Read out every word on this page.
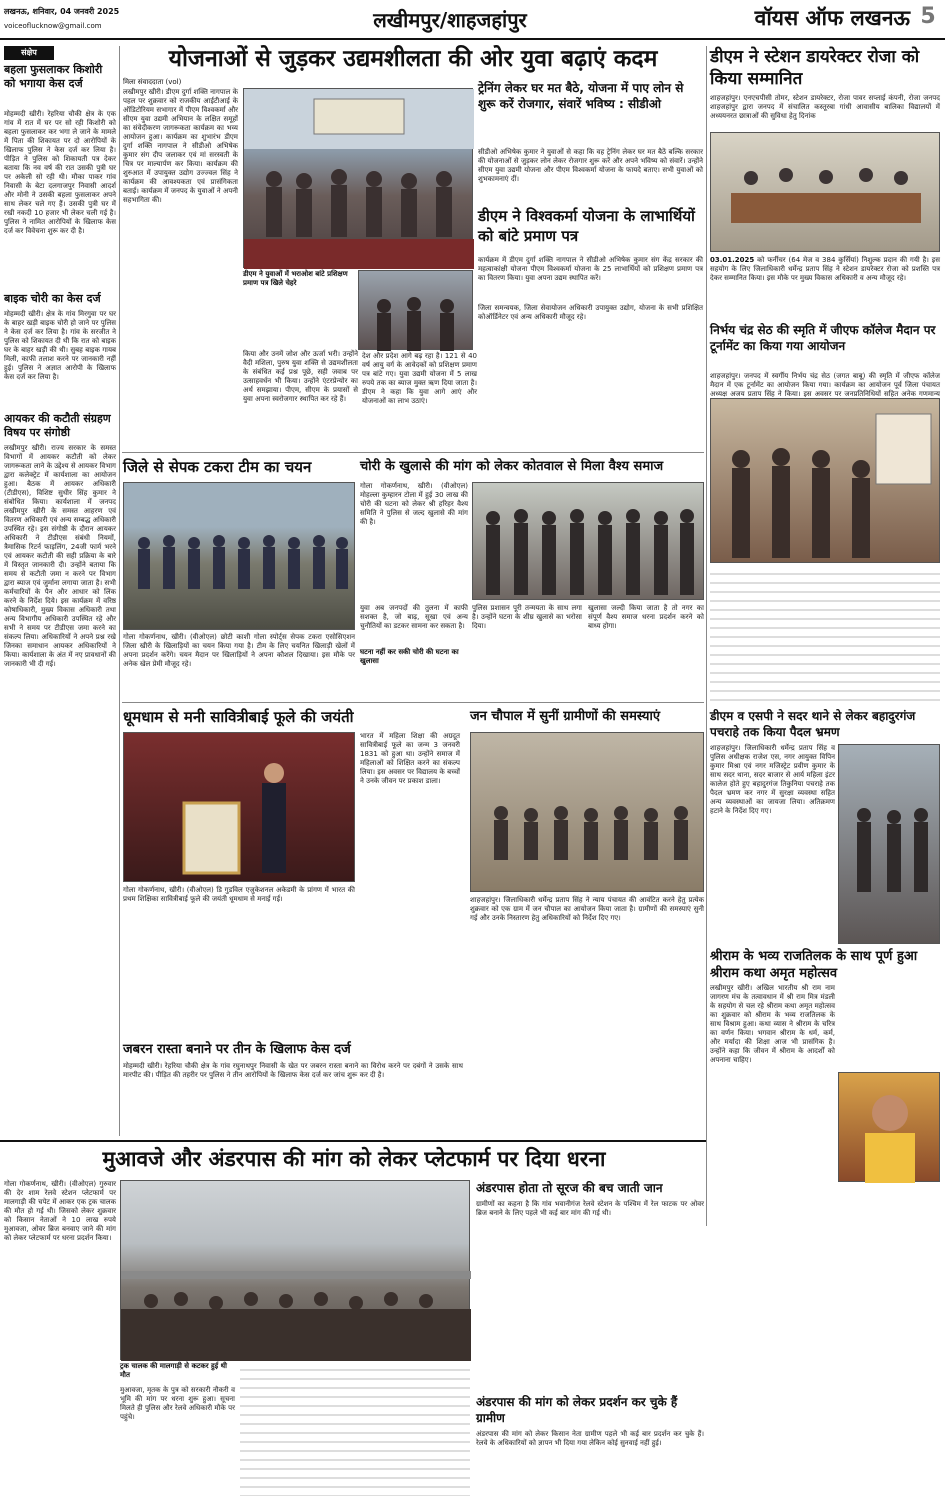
लखनऊ, शनिवार, 04 जनवरी 2025
voiceoflucknow@gmail.com	लखीमपुर/शाहजहांपुर	वॉयस ऑफ लखनऊ 5
संक्षेप
बहला फुसलाकर किशोरी को भगाया केस दर्ज
मोहम्मदी खीरी। रेहरिया चौकी क्षेत्र के एक गांव में रात में घर पर सो रही किशोरी को बहला फुसलाकर कर भगा ले जाने के मामले में पिता की शिकायत पर दो आरोपियों के खिलाफ पुलिस ने केस दर्ज कर लिया है। पीड़ित ने पुलिस को शिकायती पत्र देकर बताया कि नव वर्ष की रात उसकी पुत्री घर पर अकेली सो रही थी। मौका पाकर गांव निवासी के बेटा दलगाजपुर निवासी आदर्श और मोनी ने उसकी बहला फुसलाकर अपने साथ लेकर चले गए हैं। उसकी पुत्री घर में रखी नकदी 10 हजार भी लेकर चली गई है। पुलिस ने नामित आरोपियों के खिलाफ केस दर्ज कर विवेचना शुरू कर दी है।
बाइक चोरी का केस दर्ज
मोहम्मदी खीरी। क्षेत्र के गांव मिरगुवा पर घर के बाहर खड़ी बाइक चोरी हो जाने पर पुलिस ने केस दर्ज कर लिया है। गांव के सरजीत ने पुलिस को शिकायत दी थी कि रात को बाइक घर के बाहर खड़ी की थी। सुबह बाइक गायब मिली, काफी तलाश करने पर जानकारी नहीं हुई। पुलिस ने अज्ञात आरोपी के खिलाफ केस दर्ज कर लिया है।
आयकर की कटौती संग्रहण विषय पर संगोष्ठी
लखीमपुर खीरी। राज्य सरकार के समस्त विभागों में आयकर कटौती को लेकर जागरूकता लाने के उद्देश्य से आयकर विभाग द्वारा कलेक्ट्रेट में कार्यशाला का आयोजन हुआ। बैठक में आयकर अधिकारी (टीडीएस), विशिष्ट सुधीर सिंह कुमार ने संबोधित किया। कार्यशाला में जनपद लखीमपुर खीरी के समस्त आहरण एवं वितरण अधिकारी एवं अन्य सम्बद्ध अधिकारी उपस्थित रहे। इस संगोष्ठी के दौरान आयकर अधिकारी ने टीडीएस संबंधी नियमों, त्रैमासिक रिटर्न फाइलिंग, 24जी फार्म भरने एवं आयकर कटौती की सही प्रक्रिया के बारे में विस्तृत जानकारी दी। उन्होंने बताया कि समय से कटौती जमा न करने पर विभाग द्वारा ब्याज एवं जुर्माना लगाया जाता है। सभी कर्मचारियों के पैन और आधार को लिंक करने के निर्देश दिये। इस कार्यक्रम में वरिष्ठ कोषाधिकारी, मुख्य विकास अधिकारी तथा अन्य विभागीय अधिकारी उपस्थित रहे और सभी ने समय पर टीडीएस जमा करने का संकल्प लिया। अधिकारियों ने अपने प्रश्न रखे जिनका समाधान आयकर अधिकारियों ने किया। कार्यशाला के अंत में नए प्रावधानों की जानकारी भी दी गई।
योजनाओं से जुड़कर उद्यमशीलता की ओर युवा बढ़ाएं कदम
मिला संवाददाता (vol)
लखीमपुर खीरी। डीएम दुर्गा शक्ति नागपाल के पहल पर शुक्रवार को राजकीय आईटीआई के ऑडिटोरियम सभागार में पीएम विश्वकर्मा और सीएम युवा उद्यमी अभियान के लक्षित समूहों का संवेदीकरण जागरूकता कार्यक्रम का भव्य आयोजन हुआ। कार्यक्रम का शुभारंभ डीएम दुर्गा शक्ति नागपाल ने सीडीओ अभिषेक कुमार संग दीप जलाकर एवं मां सरस्वती के चित्र पर माल्यार्पण कर किया। कार्यक्रम की शुरुआत में उपायुक्त उद्योग उज्ज्वल सिंह ने कार्यक्रम की आवश्यकता एवं प्रासंगिकता बताई। कार्यक्रम में जनपद के युवाओं ने अपनी सहभागिता की।
डीएम ने युवाओं में भराओश बांटे प्रशिक्षण प्रमाण पत्र खिले चेहरे
किया और उनमें जोश और ऊर्जा भरी। उन्होंने वैदी मशिला, पुरुष युवा शक्ति से उद्यमशीलता के संबंधित कई प्रश्न पूछे, सही जवाब पर उत्साहवर्धन भी किया। उन्होंने एंटरप्रेन्योर का अर्थ समझाया। पीएम, सीएम के प्रयासों से युवा अपना स्वरोजगार स्थापित कर रहे हैं।
देश और प्रदेश आगे बढ़ रहा है। 121 से 40 वर्ष आयु वर्ग के आवेदकों को प्रशिक्षण प्रमाण पत्र बांटे गए। युवा उद्यमी योजना में 5 लाख रुपये तक का ब्याज मुक्त ऋण दिया जाता है। डीएम ने कहा कि युवा आगे आएं और योजनाओं का लाभ उठाएं।
ट्रेनिंग लेकर घर मत बैठे, योजना में पाए लोन से शुरू करें रोजगार, संवारें भविष्य : सीडीओ
सीडीओ अभिषेक कुमार ने युवाओं से कहा कि वह ट्रेनिंग लेकर घर मत बैठें बल्कि सरकार की योजनाओं से जुड़कर लोन लेकर रोजगार शुरू करें और अपने भविष्य को संवारें। उन्होंने सीएम युवा उद्यमी योजना और पीएम विश्वकर्मा योजना के फायदे बताए। सभी युवाओं को शुभकामनाएं दीं।
डीएम ने विश्वकर्मा योजना के लाभार्थियों को बांटे प्रमाण पत्र
कार्यक्रम में डीएम दुर्गा शक्ति नागपाल ने सीडीओ अभिषेक कुमार संग केंद्र सरकार की महत्वाकांक्षी योजना पीएम विश्वकर्मा योजना के 25 लाभार्थियों को प्रशिक्षण प्रमाण पत्र का वितरण किया। युवा अपना उद्यम स्थापित करें।
जिला समन्वयक, जिला सेवायोजन अधिकारी उपायुक्त उद्योग, योजना के सभी प्रशिक्षित कोऑर्डिनेटर एवं अन्य अधिकारी मौजूद रहे।
डीएम ने स्टेशन डायरेक्टर रोजा को किया सम्मानित
शाहजहांपुर। एनएचपीसी तोमर, स्टेशन डायरेक्टर, रोजा पावर सप्लाई कंपनी, रोजा जनपद शाहजहांपुर द्वारा जनपद में संचालित कस्तूरबा गांधी आवासीय बालिका विद्यालयों में अध्ययनरत छात्राओं की सुविधा हेतु दिनांक
03.01.2025 को फर्नीचर (64 मेज व 384 कुर्सियां) निशुल्क प्रदान की गयी है। इस सहयोग के लिए जिलाधिकारी धर्मेन्द्र प्रताप सिंह ने स्टेशन डायरेक्टर रोजा को प्रशस्ति पत्र देकर सम्मानित किया। इस मौके पर मुख्य विकास अधिकारी व अन्य मौजूद रहे।
निर्भय चंद्र सेठ की स्मृति में जीएफ कॉलेज मैदान पर टूर्नामेंट का किया गया आयोजन
शाहजहांपुर। जनपद में स्वर्गीय निर्भय चंद्र सेठ (जगत बाबू) की स्मृति में जीएफ कॉलेज मैदान में एक टूर्नामेंट का आयोजन किया गया। कार्यक्रम का आयोजन पूर्व जिला पंचायत अध्यक्ष अजय प्रताप सिंह ने किया। इस अवसर पर जनप्रतिनिधियों सहित अनेक गणमान्य
डीएम व एसपी ने सदर थाने से लेकर बहादुरगंज पचराहे तक किया पैदल भ्रमण
शाहजहांपुर। जिलाधिकारी धर्मेन्द्र प्रताप सिंह व पुलिस अधीक्षक राजेश एस, नगर आयुक्त विपिन कुमार मिश्रा एवं नगर मजिस्ट्रेट प्रवीण कुमार के साथ सदर थाना, सदर बाजार से आर्य महिला इंटर कालेज होते हुए बहादुरगंज तिकुनिया पचराहे तक पैदल भ्रमण कर नगर में सुरक्षा व्यवस्था सहित अन्य व्यवस्थाओं का जायजा लिया। अतिक्रमण हटाने के निर्देश दिए गए।
श्रीराम के भव्य राजतिलक के साथ पूर्ण हुआ श्रीराम कथा अमृत महोत्सव
लखीमपुर खीरी। अखिल भारतीय श्री राम नाम जागरण मंच के तत्वावधान में श्री राम मित्र मंडली के सहयोग से चल रहे श्रीराम कथा अमृत महोत्सव का शुक्रवार को श्रीराम के भव्य राजतिलक के साथ विश्राम हुआ। कथा व्यास ने श्रीराम के चरित्र का वर्णन किया। भगवान श्रीराम के धर्म, कर्म, और मर्यादा की शिक्षा आज भी प्रासंगिक है। उन्होंने कहा कि जीवन में श्रीराम के आदर्शों को अपनाना चाहिए।
जिले से सेपक टकरा टीम का चयन
गोला गोकर्णनाथ, खीरी। (वीओएल) छोटी काशी गोला स्पोर्ट्स सेपक टकरा एसोसिएशन जिला खीरी के खिलाड़ियों का चयन किया गया है। टीम के लिए चयनित खिलाड़ी खेलों में अपना प्रदर्शन करेंगे। चयन मैदान पर खिलाड़ियों ने अपना कौशल दिखाया। इस मौके पर अनेक खेल प्रेमी मौजूद रहे।
चोरी के खुलासे की मांग को लेकर कोतवाल से मिला वैश्य समाज
गोला गोकर्णनाथ, खीरी। (वीओएल) मोहल्ला कुम्हारन टोला में हुई 30 लाख की चोरी की घटना को लेकर श्री हरिहर वैश्य समिति ने पुलिस से जल्द खुलासे की मांग की है।
युवा अब जनपदों की तुलना में काफी सशक्त है, जो बाढ़, सूखा एवं अन्य चुनौतियों का डटकर सामना कर सकता है।
घटना नहीं कर सकी चोरी की घटना का खुलासा
पुलिस प्रशासन पूरी तन्मयता के साथ लगा है। उन्होंने घटना के शीघ्र खुलासे का भरोसा दिया।
खुलासा जल्दी किया जाता है तो नगर का संपूर्ण वैश्य समाज धरना प्रदर्शन करने को बाध्य होगा।
धूमधाम से मनी सावित्रीबाई फूले की जयंती
गोला गोकर्णनाथ, खीरी। (वीओएल) डि गुडविल एजुकेशनल अकेडमी के प्रांगण में भारत की प्रथम शिक्षिका सावित्रीबाई फूले की जयंती धूमधाम से मनाई गई।
भारत में महिला शिक्षा की अग्रदूत सावित्रीबाई फूले का जन्म 3 जनवरी 1831 को हुआ था। उन्होंने समाज में महिलाओं को शिक्षित करने का संकल्प लिया। इस अवसर पर विद्यालय के बच्चों ने उनके जीवन पर प्रकाश डाला।
जन चौपाल में सुनीं ग्रामीणों की समस्याएं
शाहजहांपुर। जिलाधिकारी धर्मेन्द्र प्रताप सिंह ने न्याय पंचायत की आवंटित करने हेतु प्रत्येक शुक्रवार को एक ग्राम में जन चौपाल का आयोजन किया जाता है। ग्रामीणों की समस्याएं सुनी गई और उनके निस्तारण हेतु अधिकारियों को निर्देश दिए गए।
जबरन रास्ता बनाने पर तीन के खिलाफ केस दर्ज
मोहम्मदी खीरी। रेहरिया चौकी क्षेत्र के गांव रघुनाथपुर निवासी के खेत पर जबरन रास्ता बनाने का विरोध करने पर दबंगों ने उसके साथ मारपीट की। पीड़ित की तहरीर पर पुलिस ने तीन आरोपियों के खिलाफ केस दर्ज कर जांच शुरू कर दी है।
मुआवजे और अंडरपास की मांग को लेकर प्लेटफार्म पर दिया धरना
गोला गोकर्णनाथ, खीरी। (वीओएल) गुरुवार की देर शाम रेलवे स्टेशन प्लेटफार्म पर मालगाड़ी की चपेट में आकर एक ट्रक चालक की मौत हो गई थी। जिसको लेकर शुक्रवार को किसान नेताओं ने 10 लाख रुपये मुआवजा, ओवर ब्रिज बनवाए जाने की मांग को लेकर प्लेटफार्म पर धरना प्रदर्शन किया।
ट्रक चालक की मालगाड़ी से कटकर हुई थी मौत
मुआवजा, मृतक के पुत्र को सरकारी नौकरी व भूमि की मांग पर धरना शुरू हुआ। सूचना मिलते ही पुलिस और रेलवे अधिकारी मौके पर पहुंचे।
अंडरपास होता तो सूरज की बच जाती जान
ग्रामीणों का कहना है कि गांव भवानीगंज रेलवे स्टेशन के पश्चिम में रेल फाटक पर ओवर ब्रिज बनाने के लिए पहले भी कई बार मांग की गई थी।
अंडरपास की मांग को लेकर प्रदर्शन कर चुके हैं ग्रामीण
अंडरपास की मांग को लेकर किसान नेता ग्रामीण पहले भी कई बार प्रदर्शन कर चुके हैं। रेलवे के अधिकारियों को ज्ञापन भी दिया गया लेकिन कोई सुनवाई नहीं हुई।
